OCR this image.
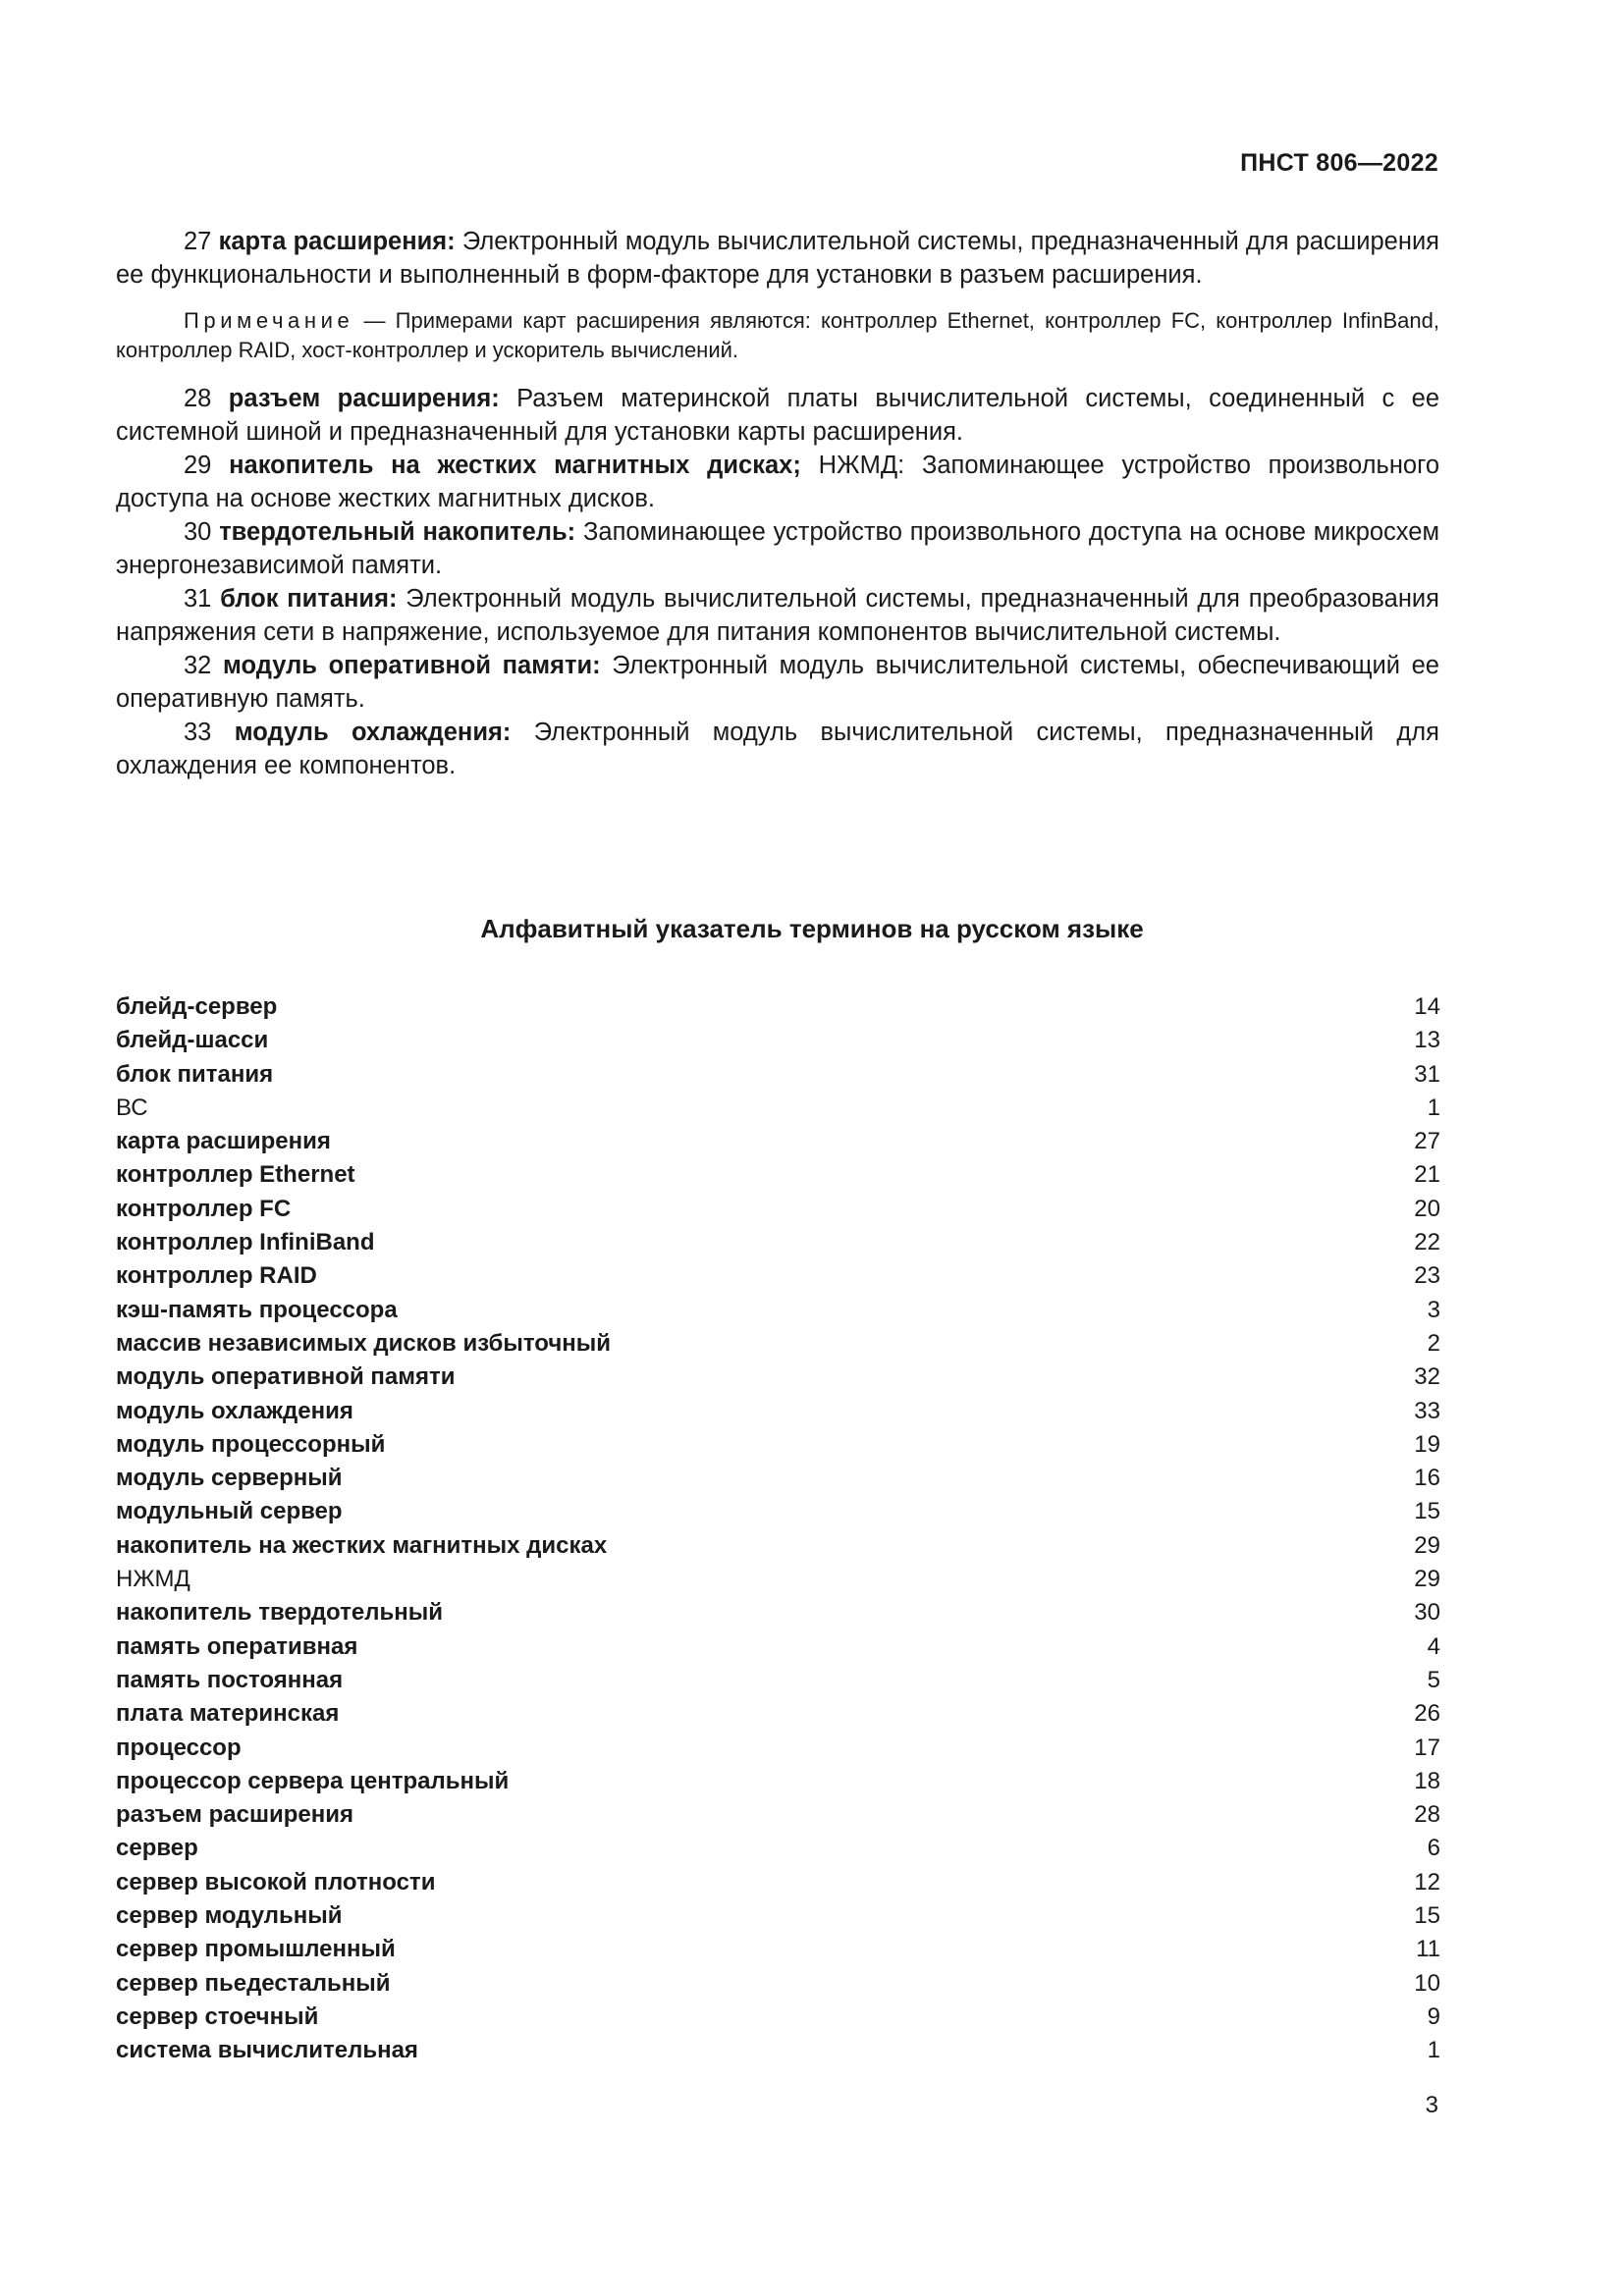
ПНСТ 806—2022

27 карта расширения: Электронный модуль вычислительной системы, предназначенный для расширения ее функциональности и выполненный в форм-факторе для установки в разъем расширения.

Примечание — Примерами карт расширения являются: контроллер Ethernet, контроллер FC, контроллер InfinBand, контроллер RAID, хост-контроллер и ускоритель вычислений.

28 разъем расширения: Разъем материнской платы вычислительной системы, соединенный с ее системной шиной и предназначенный для установки карты расширения.

29 накопитель на жестких магнитных дисках; НЖМД: Запоминающее устройство произвольного доступа на основе жестких магнитных дисков.

30 твердотельный накопитель: Запоминающее устройство произвольного доступа на основе микросхем энергонезависимой памяти.

31 блок питания: Электронный модуль вычислительной системы, предназначенный для преобразования напряжения сети в напряжение, используемое для питания компонентов вычислительной системы.

32 модуль оперативной памяти: Электронный модуль вычислительной системы, обеспечивающий ее оперативную память.

33 модуль охлаждения: Электронный модуль вычислительной системы, предназначенный для охлаждения ее компонентов.

Алфавитный указатель терминов на русском языке
блейд-сервер	14
блейд-шасси	13
блок питания	31
ВС	1
карта расширения	27
контроллер Ethernet	21
контроллер FC	20
контроллер InfiniBand	22
контроллер RAID	23
кэш-память процессора	3
массив независимых дисков избыточный	2
модуль оперативной памяти	32
модуль охлаждения	33
модуль процессорный	19
модуль серверный	16
модульный сервер	15
накопитель на жестких магнитных дисках	29
НЖМД	29
накопитель твердотельный	30
память оперативная	4
память постоянная	5
плата материнская	26
процессор	17
процессор сервера центральный	18
разъем расширения	28
сервер	6
сервер высокой плотности	12
сервер модульный	15
сервер промышленный	11
сервер пьедестальный	10
сервер стоечный	9
система вычислительная	1
3
